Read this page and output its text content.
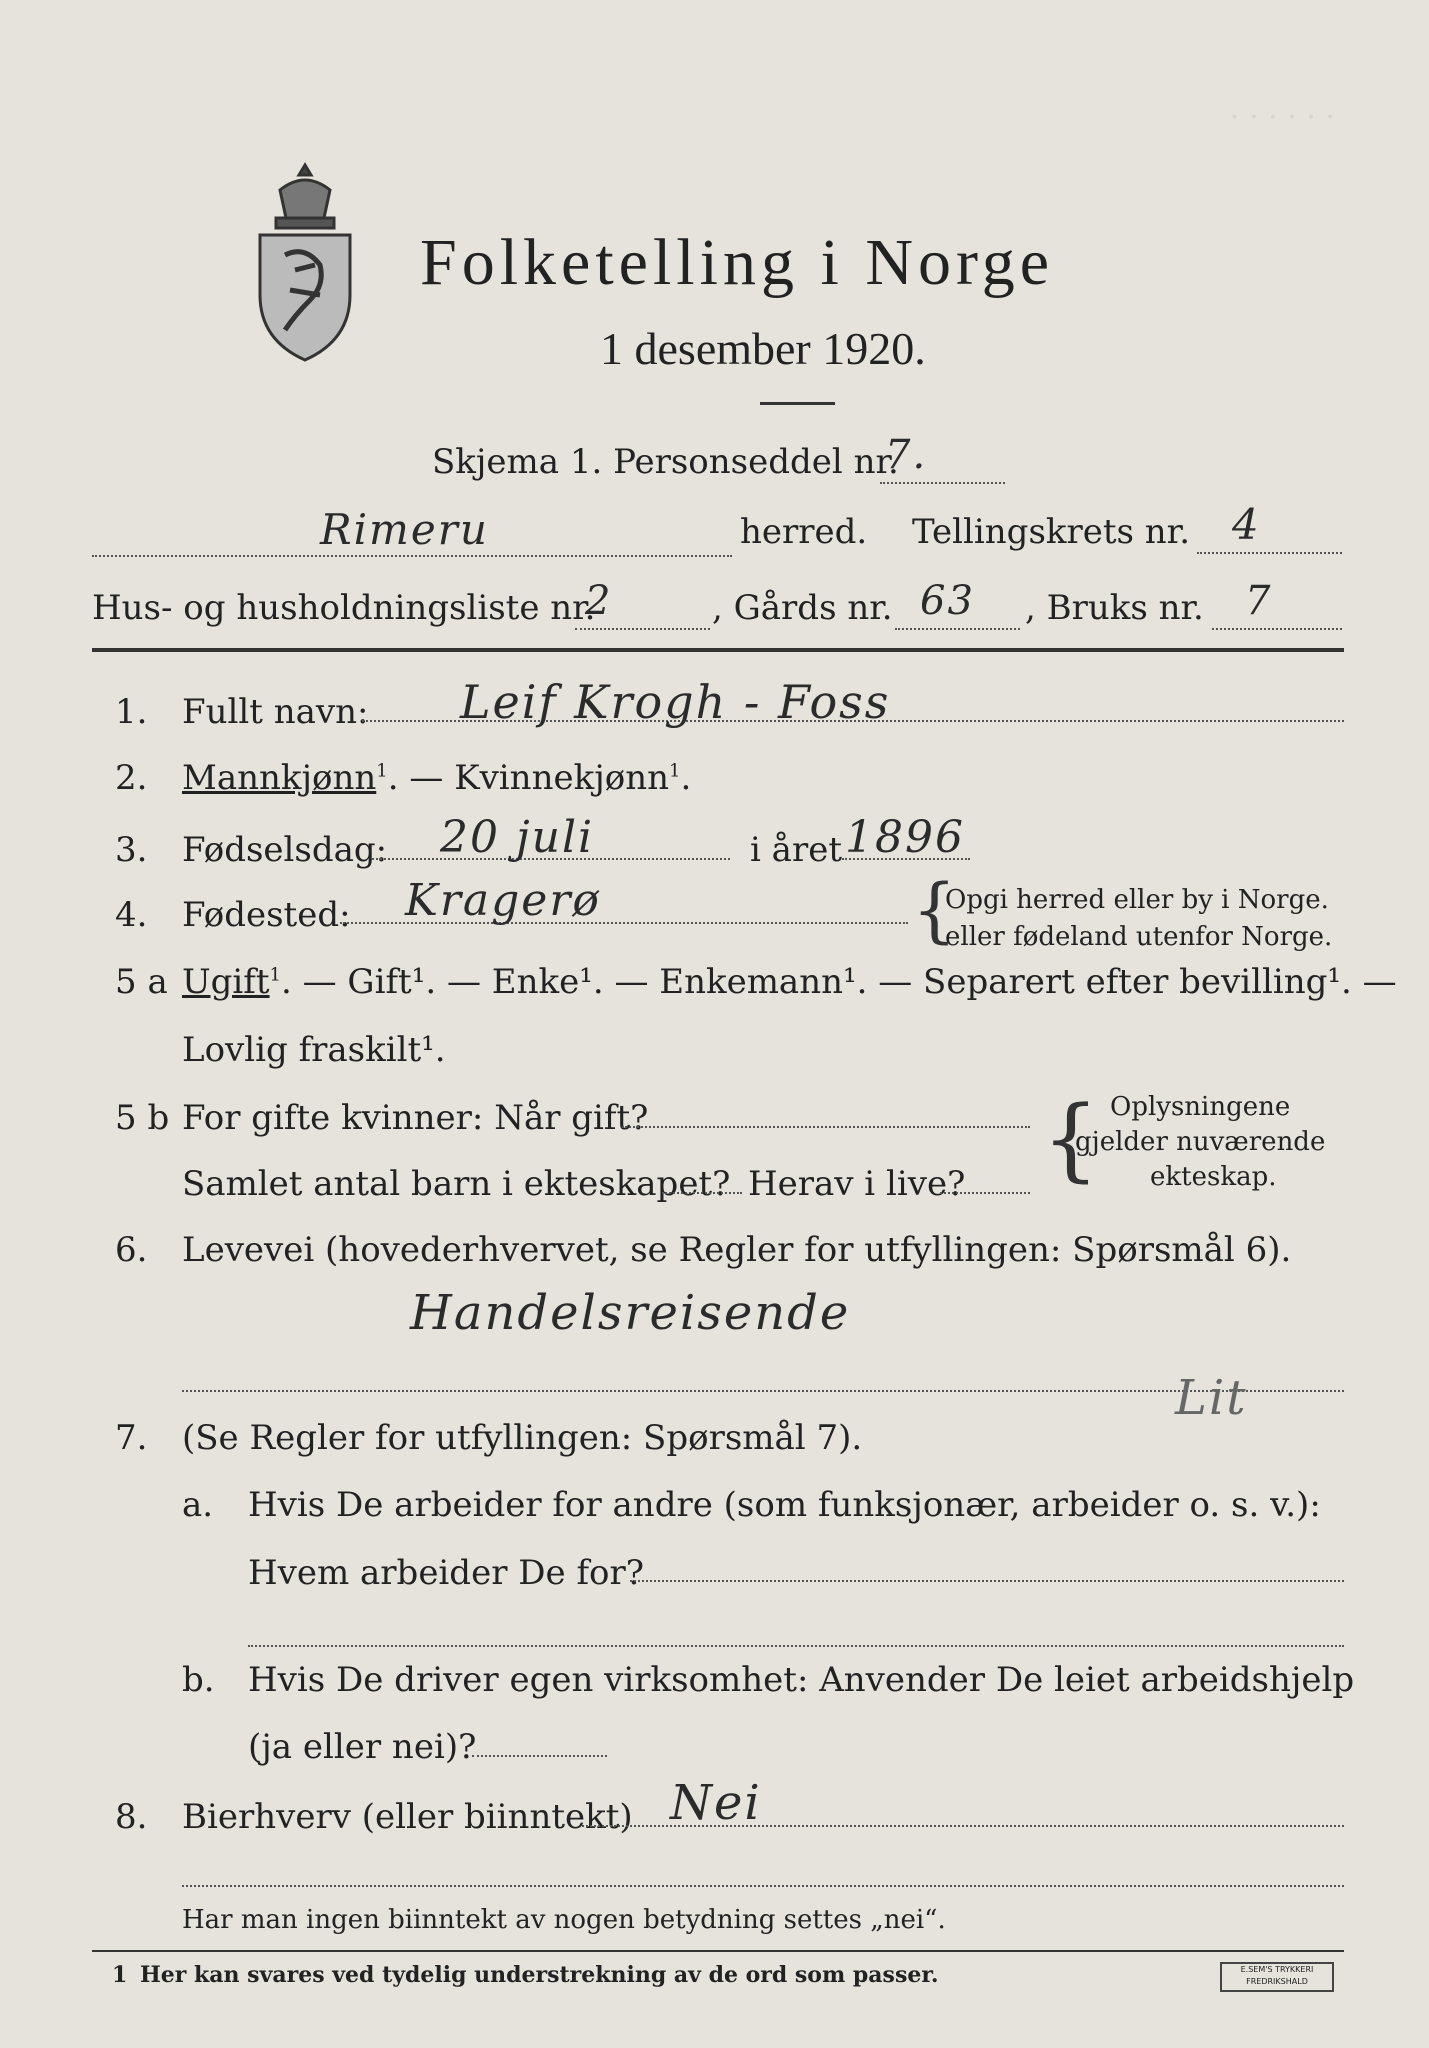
· · · · · ·
Folketelling i Norge
1 desember 1920.
Skjema 1. Personseddel nr.
7.
Rimeru	herred. Tellingskrets nr. 4
Hus- og husholdningsliste nr.
2	, Gårds nr. 63 , Bruks nr. 7
1. Fullt navn: Leif Krogh - Foss
2. Mannkjønn$^1$. — Kvinnekjønn$^1$.
3. Fødselsdag: 20 juli	i året 1896
4. Fødested: Kragerø	{
Opgi herred eller by i Norge.
eller fødeland utenfor Norge.
5 a Ugift$^1$. — Gift¹. — Enke¹. — Enkemann¹. — Separert efter bevilling¹. —
Lovlig fraskilt¹.
5 b For gifte kvinner: Når gift?
Samlet antal barn i ekteskapet? Herav i live? { Oplysningene
gjelder nuværende
ekteskap.
6. Levevei (hovederhvervet, se Regler for utfyllingen: Spørsmål 6).
Handelsreisende
Lit
7. (Se Regler for utfyllingen: Spørsmål 7).
a. Hvis De arbeider for andre (som funksjonær, arbeider o. s. v.):
Hvem arbeider De for?
b. Hvis De driver egen virksomhet: Anvender De leiet arbeidshjelp
(ja eller nei)?
8. Bierhverv (eller biinntekt) Nei
Har man ingen biinntekt av nogen betydning settes „nei“.
1 Her kan svares ved tydelig understrekning av de ord som passer.	E.SEM'S TRYKKERI FREDRIKSHALD
